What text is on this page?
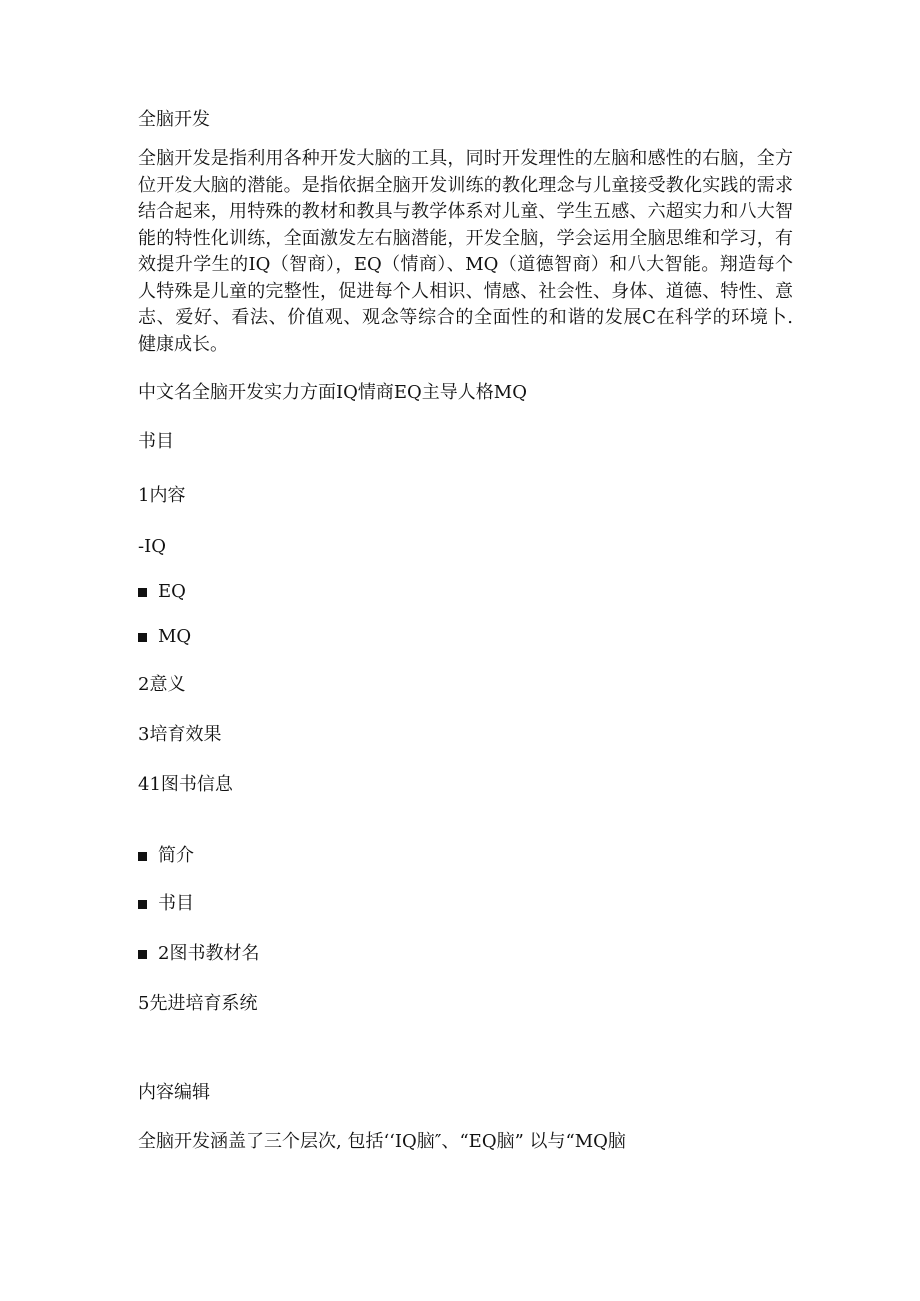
全脑开发
全脑开发是指利用各种开发大脑的工具，同时开发理性的左脑和感性的右脑，全方位开发大脑的潜能。是指依据全脑开发训练的教化理念与儿童接受教化实践的需求结合起来，用特殊的教材和教具与教学体系对儿童、学生五感、六超实力和八大智能的特性化训练，全面激发左右脑潜能，开发全脑，学会运用全脑思维和学习，有效提升学生的IQ（智商），EQ（情商）、MQ（道德智商）和八大智能。翔造每个人特殊是儿童的完整性，促进每个人相识、情感、社会性、身体、道德、特性、意志、爱好、看法、价值观、观念等综合的全面性的和谐的发展C在科学的环境卜. 健康成长。
中文名全脑开发实力方面IQ情商EQ主导人格MQ
书目
1内容
-IQ
EQ
MQ
2意义
3培育效果
41图书信息
简介
书目
2图书教材名
5先进培育系统
内容编辑
全脑开发涵盖了三个层次, 包括‘‘IQ脑″、“EQ脑” 以与“MQ脑
